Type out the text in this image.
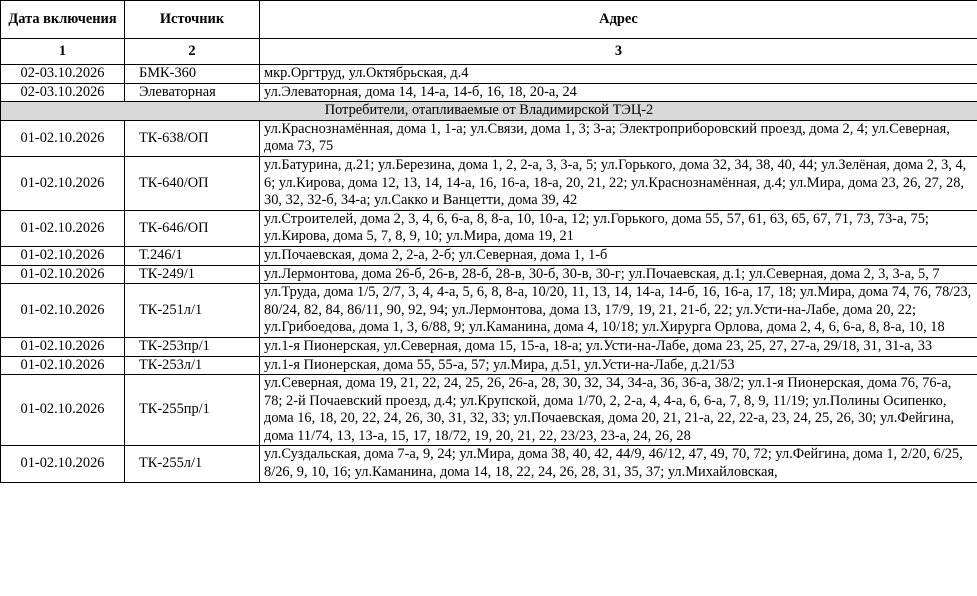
Дата включения	Источник	Адрес
1	2	3
02-03.10.2026	БМК-360	мкр.Оргтруд, ул.Октябрьская, д.4
02-03.10.2026	Элеваторная	ул.Элеваторная, дома 14, 14-а, 14-б, 16, 18, 20-а, 24
Потребители, отапливаемые от Владимирской ТЭЦ-2		
01-02.10.2026	ТК-638/ОП	ул.Краснознамённая, дома 1, 1-а; ул.Связи, дома 1, 3; 3-а; Электроприборовский проезд, дома 2, 4; ул.Северная, дома 73, 75
01-02.10.2026	ТК-640/ОП	ул.Батурина, д.21; ул.Березина, дома 1, 2, 2-а, 3, 3-а, 5; ул.Горького, дома 32, 34, 38, 40, 44; ул.Зелёная, дома 2, 3, 4, 6; ул.Кирова, дома 12, 13, 14, 14-а, 16, 16-а, 18-а, 20, 21, 22; ул.Краснознамённая, д.4; ул.Мира, дома 23, 26, 27, 28, 30, 32, 32-б, 34-а; ул.Сакко и Ванцетти, дома 39, 42
01-02.10.2026	ТК-646/ОП	ул.Строителей, дома 2, 3, 4, 6, 6-а, 8, 8-а, 10, 10-а, 12; ул.Горького, дома 55, 57, 61, 63, 65, 67, 71, 73, 73-а, 75; ул.Кирова, дома 5, 7, 8, 9, 10; ул.Мира, дома 19, 21
01-02.10.2026	Т.246/1	ул.Почаевская, дома 2, 2-а, 2-б; ул.Северная, дома 1, 1-б
01-02.10.2026	ТК-249/1	ул.Лермонтова, дома 26-б, 26-в, 28-б, 28-в, 30-б, 30-в, 30-г; ул.Почаевская, д.1; ул.Северная, дома 2, 3, 3-а, 5, 7
01-02.10.2026	ТК-251л/1	ул.Труда, дома 1/5, 2/7, 3, 4, 4-а, 5, 6, 8, 8-а, 10/20, 11, 13, 14, 14-а, 14-б, 16, 16-а, 17, 18; ул.Мира, дома 74, 76, 78/23, 80/24, 82, 84, 86/11, 90, 92, 94; ул.Лермонтова, дома 13, 17/9, 19, 21, 21-б, 22; ул.Усти-на-Лабе, дома 20, 22; ул.Грибоедова, дома 1, 3, 6/88, 9; ул.Каманина, дома 4, 10/18; ул.Хирурга Орлова, дома 2, 4, 6, 6-а, 8, 8-а, 10, 18
01-02.10.2026	ТК-253пр/1	ул.1-я Пионерская, ул.Северная, дома 15, 15-а, 18-а; ул.Усти-на-Лабе, дома 23, 25, 27, 27-а, 29/18, 31, 31-а, 33
01-02.10.2026	ТК-253л/1	ул.1-я Пионерская, дома 55, 55-а, 57; ул.Мира, д.51, ул.Усти-на-Лабе, д.21/53
01-02.10.2026	ТК-255пр/1	ул.Северная, дома 19, 21, 22, 24, 25, 26, 26-а, 28, 30, 32, 34, 34-а, 36, 36-а, 38/2; ул.1-я Пионерская, дома 76, 76-а, 78; 2-й Почаевский проезд, д.4; ул.Крупской, дома 1/70, 2, 2-а, 4, 4-а, 6, 6-а, 7, 8, 9, 11/19; ул.Полины Осипенко, дома 16, 18, 20, 22, 24, 26, 30, 31, 32, 33; ул.Почаевская, дома 20, 21, 21-а, 22, 22-а, 23, 24, 25, 26, 30; ул.Фейгина, дома 11/74, 13, 13-а, 15, 17, 18/72, 19, 20, 21, 22, 23/23, 23-а, 24, 26, 28
01-02.10.2026	ТК-255л/1	ул.Суздальская, дома 7-а, 9, 24; ул.Мира, дома 38, 40, 42, 44/9, 46/12, 47, 49, 70, 72; ул.Фейгина, дома 1, 2/20, 6/25, 8/26, 9, 10, 16; ул.Каманина, дома 14, 18, 22, 24, 26, 28, 31, 35, 37; ул.Михайловская,
